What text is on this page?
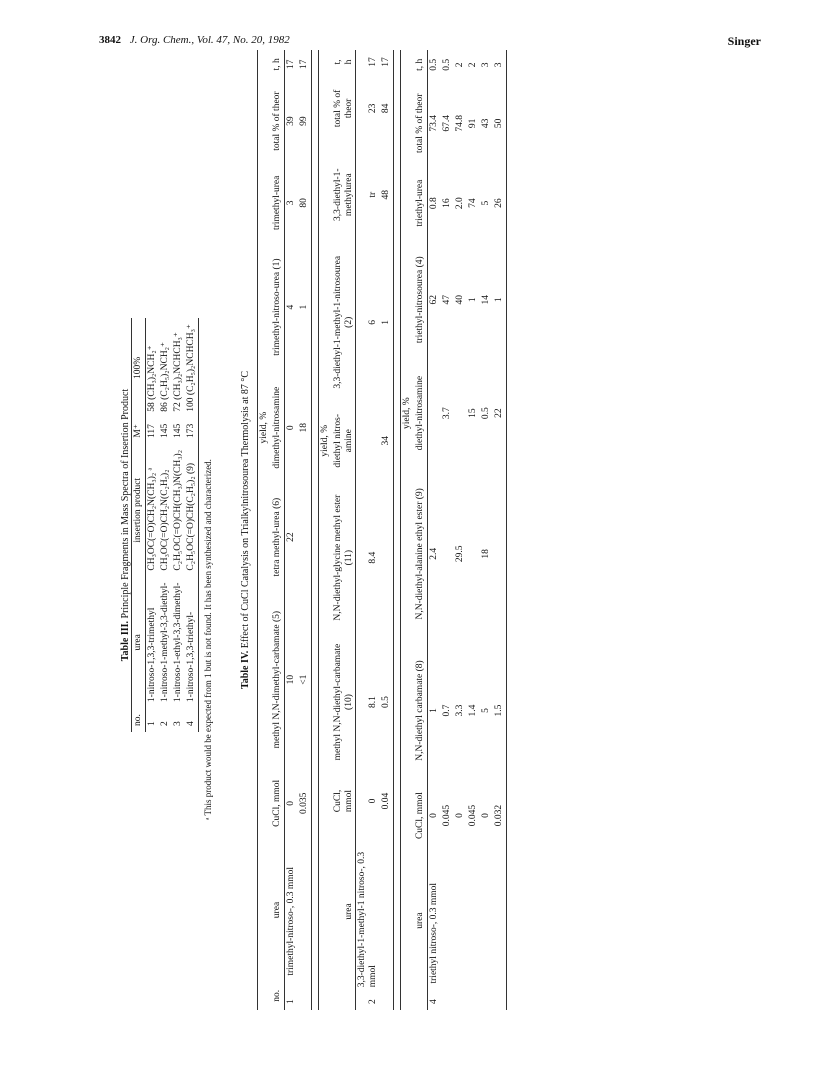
3842 J. Org. Chem., Vol. 47, No. 20, 1982	Singer

Table III. Principle Fragments in Mass Spectra of Insertion Product

no.	urea	insertion product	M⁺	100%
1	1-nitroso-1,3,3-trimethyl	CH₃OC(=O)CH₂N(CH₃)₂ ᵃ	117	58 (CH₃)₂NCH₂⁺
2	1-nitroso-1-methyl-3,3-diethyl-	CH₃OC(=O)CH₂N(C₂H₅)₂	145	86 (C₂H₅)₂NCH₂⁺
3	1-nitroso-1-ethyl-3,3-dimethyl-	C₂H₅OC(=O)CH(CH₃)N(CH₃)₂	145	72 (CH₃)₂NCHCH₃⁺
4	1-nitroso-1,3,3-triethyl-	C₂H₅OC(=O)CH(C₂H₅)₂ (9)	173	100 (C₂H₅)₂NCHCH₃⁺
ᵃ This product would be expected from 1 but is not found. It has been synthesized and characterized.	Table IV. Effect of CuCl Catalysis on Trialkylnitrosourea Thermolysis at 87 °C

					yield, %				
no.	urea	CuCl, mmol	methyl N,N-dimethyl-carbamate (5)	tetra methyl-urea (6)	dimethyl-nitrosamine	trimethyl-nitroso-urea (1)	trimethyl-urea	total % of theor	t, h
1	trimethyl-nitroso-, 0.3 mmol	0	10	22	0	4	3	39	17
		0.035	<1		18	1	80	99	17
					yield, %				
	urea	CuCl, mmol	methyl N,N-diethyl-carbamate (10)	N,N-diethyl-glycine methyl ester (11)	diethyl nitros-amine	3,3-diethyl-1-methyl-1-nitrosourea (2)	3,3-diethyl-1-methylurea	total % of theor	t, h
2	3,3-diethyl-1-methyl-1 nitroso-, 0.3 mmol	0	8.1	8.4		6	tr	23	17
		0.04	0.5		34	1	48	84	17
					yield, %				
	urea	CuCl, mmol	N,N-diethyl carbamate (8)	N,N-diethyl-alanine ethyl ester (9)	diethyl-nitrosamine	triethyl-nitrosourea (4)	triethyl-urea	total % of theor	t, h
4	triethyl nitroso-, 0.3 mmol	0	1	2.4		62	0.8	73.4	0.5
		0.045	0.7		3.7	47	16	67.4	0.5
		0	3.3	29.5		40	2.0	74.8	2
		0.045	1.4		15	1	74	91	2
		0	5	18	0.5	14	5	43	3
		0.032	1.5		22	1	26	50	3
